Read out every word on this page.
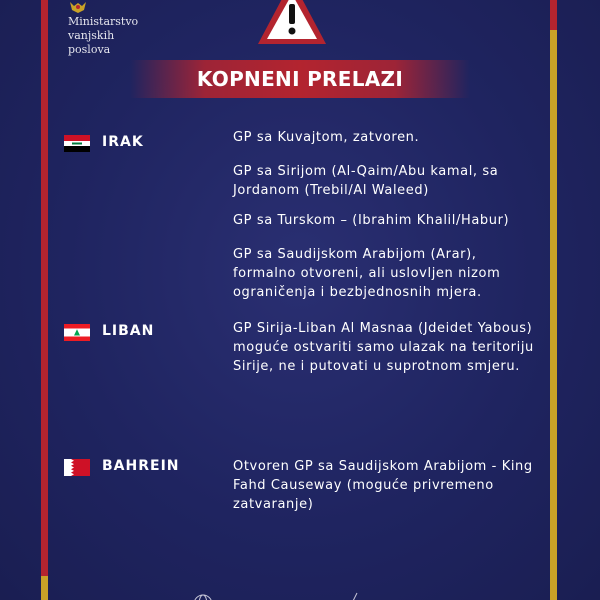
Ministarstvo
vanjskih
poslova
KOPNENI PRELAZI
IRAK	GP sa Kuvajtom, zatvoren.
GP sa Sirijom (Al-Qaim/Abu kamal, sa Jordanom (Trebil/Al Waleed)
GP sa Turskom – (Ibrahim Khalil/Habur)
GP sa Saudijskom Arabijom (Arar), formalno otvoreni, ali uslovljen nizom ograničenja i bezbjednosnih mjera.
LIBAN	GP Sirija-Liban Al Masnaa (Jdeidet Yabous) moguće ostvariti samo ulazak na teritoriju Sirije, ne i putovati u suprotnom smjeru.
BAHREIN	Otvoren GP sa Saudijskom Arabijom - King Fahd Causeway (moguće privremeno zatvaranje)
